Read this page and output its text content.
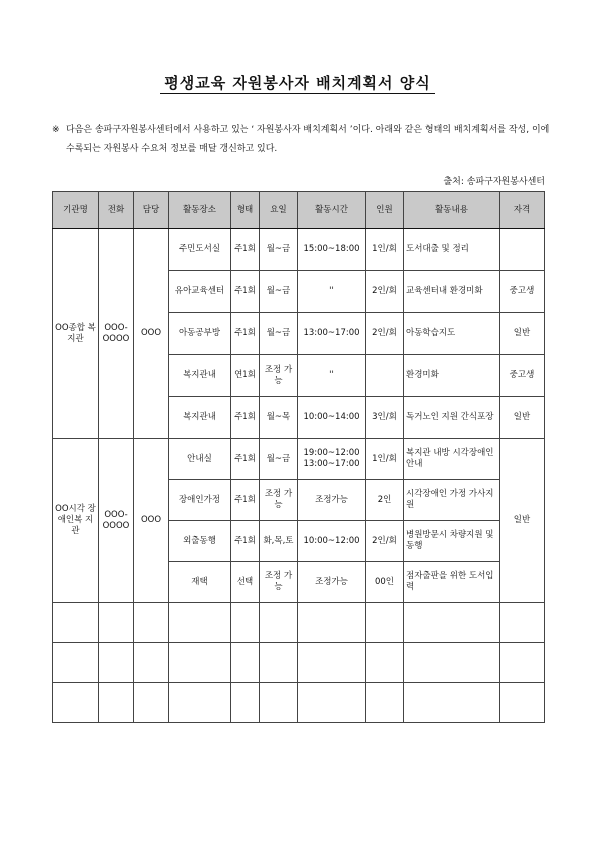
평생교육 자원봉사자 배치계획서 양식
※ 다음은 송파구자원봉사센터에서 사용하고 있는 ‘ 자원봉사자 배치계획서 ’이다. 아래와 같은 형태의 배치계획서를 작성, 이에 수록되는 자원봉사 수요처 정보를 매달 갱신하고 있다.
출처: 송파구자원봉사센터
기관명	전화	담당	활동장소	형태	요일	활동시간	인원	활동내용	자격
OO종합 복지관	OOO- OOOO	OOO	주민도서실	주1회	월~금	15:00~18:00	1인/회	도서대출 및 정리	
			유아교육센터	주1회	월~금	''	2인/회	교육센터내 환경미화	중고생
			아동공부방	주1회	월~금	13:00~17:00	2인/회	아동학습지도	일반
			복지관내	연1회	조정 가능	''		환경미화	중고생
			복지관내	주1회	월~목	10:00~14:00	3인/회	독거노인 지원 간식포장	일반
OO시각 장애인복 지관	OOO- OOOO	OOO	안내실	주1회	월~금	19:00~12:00 13:00~17:00	1인/회	복지관 내방 시각장애인 안내	일반
			장애인가정	주1회	조정 가능	조정가능	2인	시각장애인 가정 가사지원	
			외출동행	주1회	화,목,토	10:00~12:00	2인/회	병원방문시 차량지원 및 동행	
			재택	선택	조정 가능	조정가능	00인	점자출판을 위한 도서입력	
